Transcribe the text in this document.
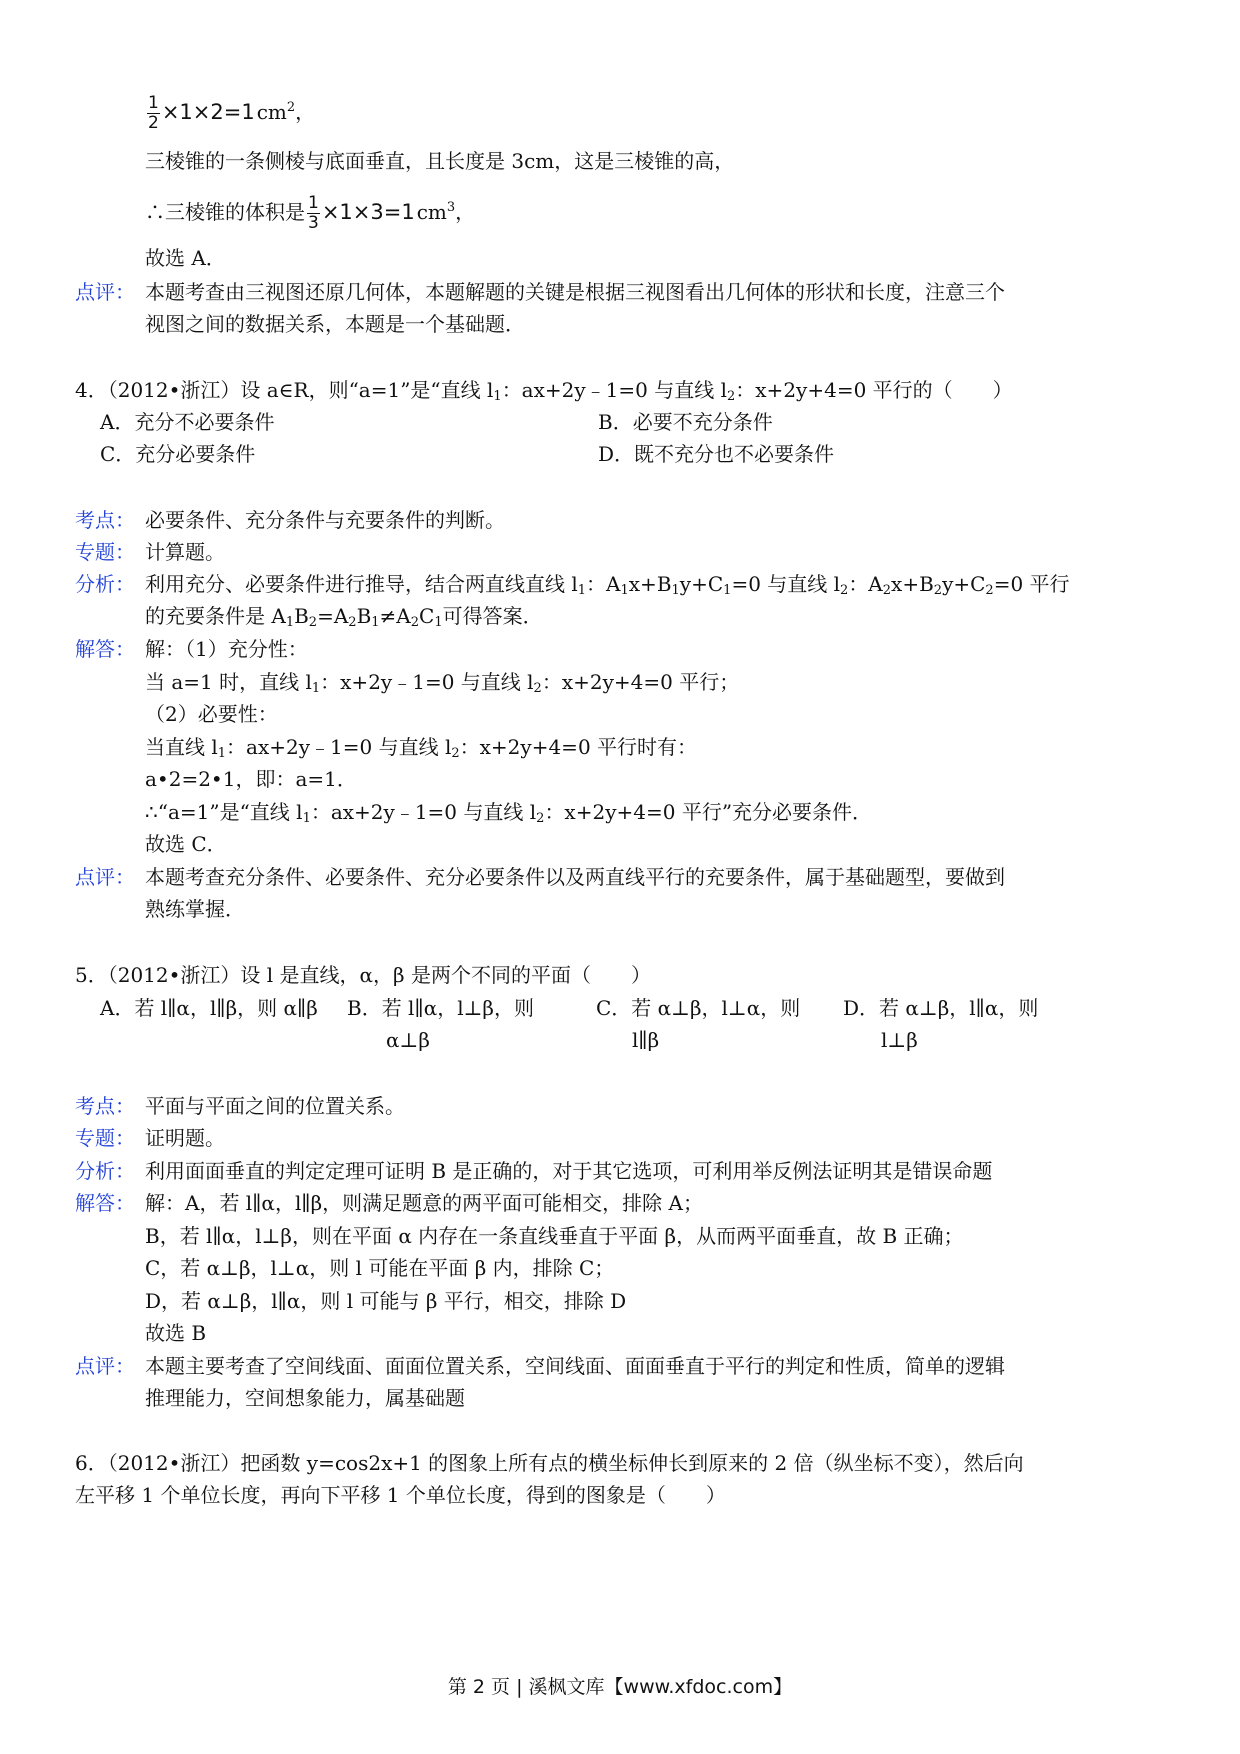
$\frac{1}{2} \times 1\times 2=1$  $cm^2$，
三棱锥的一条侧棱与底面垂直，且长度是 3cm，这是三棱锥的高，
∴三棱锥的体积是 $\frac{1}{3} \times 1\times 3=1$  $cm^3$，
故选 A．
点评： 本题考查由三视图还原几何体，本题解题的关键是根据三视图看出几何体的形状和长度，注意三个
视图之间的数据关系，本题是一个基础题．
4．（2012•浙江）设 a∈R，则“a=1”是“直线 $l_1$：ax+2y﹣1=0 与直线 $l_2$：x+2y+4=0 平行的（　　）
A．充分不必要条件	B．必要不充分条件
C．充分必要条件	D．既不充分也不必要条件
考点： 必要条件、充分条件与充要条件的判断。
专题： 计算题。
分析： 利用充分、必要条件进行推导，结合两直线直线 $l_1$：$A_1x+B_1y+C_1=0$ 与直线 $l_2$：$A_2x+B_2y+C_2=0$ 平行
的充要条件是 $A_1B_2=A_2B_1\ne A_2C_1$可得答案．
解答： 解：（1）充分性：
当 a=1 时，直线 $l_1$：x+2y﹣1=0 与直线 $l_2$：x+2y+4=0 平行；
（2）必要性：
当直线 $l_1$：ax+2y﹣1=0 与直线 $l_2$：x+2y+4=0 平行时有：
a•2=2•1，即：a=1．
∴“a=1”是“直线 $l_1$：ax+2y﹣1=0 与直线 $l_2$：x+2y+4=0 平行”充分必要条件．
故选 C．
点评： 本题考查充分条件、必要条件、充分必要条件以及两直线平行的充要条件，属于基础题型，要做到
熟练掌握．
5．（2012•浙江）设 l 是直线，α，β 是两个不同的平面（　　）
A．若 l∥α，l∥β，则 α∥β B．若 l∥α，l⊥β，则
α⊥β
C．若 α⊥β，l⊥α，则
l∥β
D．若 α⊥β，l∥α，则
l⊥β
考点： 平面与平面之间的位置关系。
专题： 证明题。
分析： 利用面面垂直的判定定理可证明 B 是正确的，对于其它选项，可利用举反例法证明其是错误命题
解答： 解：A，若 l∥α，l∥β，则满足题意的两平面可能相交，排除 A；
B，若 l∥α，l⊥β，则在平面 α 内存在一条直线垂直于平面 β，从而两平面垂直，故 B 正确；
C，若 α⊥β，l⊥α，则 l 可能在平面 β 内，排除 C；
D，若 α⊥β，l∥α，则 l 可能与 β 平行，相交，排除 D
故选 B
点评： 本题主要考查了空间线面、面面位置关系，空间线面、面面垂直于平行的判定和性质，简单的逻辑
推理能力，空间想象能力，属基础题
6．（2012•浙江）把函数 y=cos2x+1 的图象上所有点的横坐标伸长到原来的 2 倍（纵坐标不变），然后向
左平移 1 个单位长度，再向下平移 1 个单位长度，得到的图象是（　　）
第 2 页 | 溪枫文库【www.xfdoc.com】
